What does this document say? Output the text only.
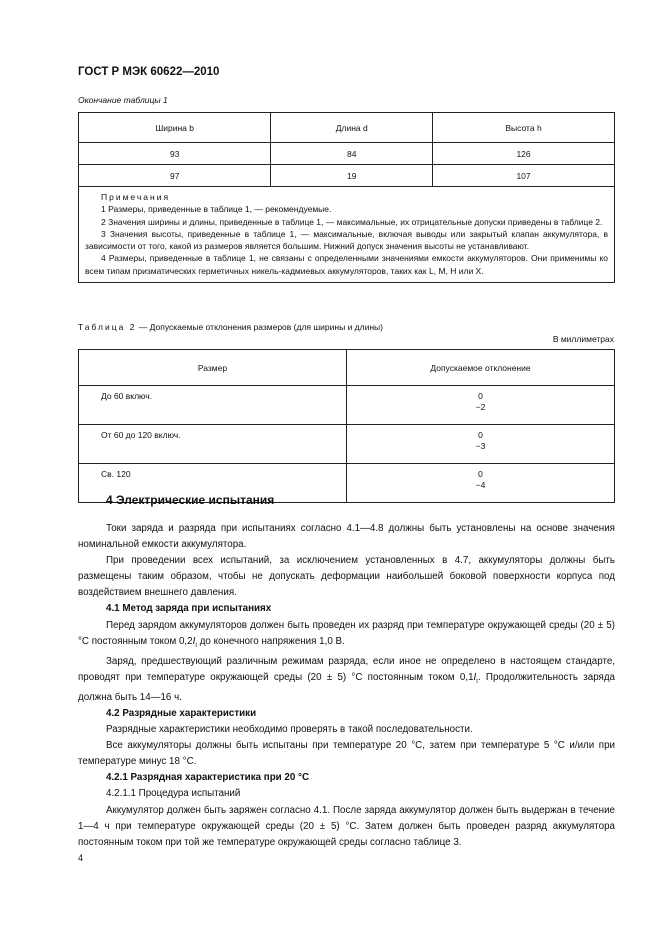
ГОСТ Р МЭК 60622—2010
Окончание таблицы 1
Ширина b	Длина d	Высота h
93	84	126
97	19	107

Примечания

1 Размеры, приведенные в таблице 1, — рекомендуемые.

2 Значения ширины и длины, приведенные в таблице 1, — максимальные, их отрицательные допуски приведены в таблице 2.

3 Значения высоты, приведенные в таблице 1, — максимальные, включая выводы или закрытый клапан аккумулятора, в зависимости от того, какой из размеров является большим. Нижний допуск значения высоты не устанавливают.

4 Размеры, приведенные в таблице 1, не связаны с определенными значениями емкости аккумуляторов. Они применимы ко всем типам призматических герметичных никель-кадмиевых аккумуляторов, таких как L, M, H или X.		

Таблица 2 — Допускаемые отклонения размеров (для ширины и длины)
В миллиметрах
Размер	Допускаемое отклонение
До 60 включ.	0
−2

От 60 до 120 включ.	0
−3

Св. 120	0
−4
4 Электрические испытания

Токи заряда и разряда при испытаниях согласно 4.1—4.8 должны быть установлены на основе значения номинальной емкости аккумулятора.

При проведении всех испытаний, за исключением установленных в 4.7, аккумуляторы должны быть размещены таким образом, чтобы не допускать деформации наибольшей боковой поверхности корпуса под воздействием внешнего давления.

4.1 Метод заряда при испытаниях

Перед зарядом аккумуляторов должен быть проведен их разряд при температуре окружающей среды (20 ± 5) °C постоянным током $0,2I_t$ до конечного напряжения 1,0 В.

Заряд, предшествующий различным режимам разряда, если иное не определено в настоящем стандарте, проводят при температуре окружающей среды (20 ± 5) °C постоянным током $0,1I_t$. Продолжительность заряда должна быть 14—16 ч.

4.2 Разрядные характеристики

Разрядные характеристики необходимо проверять в такой последовательности.

Все аккумуляторы должны быть испытаны при температуре 20 °C, затем при температуре 5 °C и/или при температуре минус 18 °C.

4.2.1 Разрядная характеристика при 20 °C

4.2.1.1 Процедура испытаний

Аккумулятор должен быть заряжен согласно 4.1. После заряда аккумулятор должен быть выдержан в течение 1—4 ч при температуре окружающей среды (20 ± 5) °C. Затем должен быть проведен разряд аккумулятора постоянным током при той же температуре окружающей среды согласно таблице 3.

4
